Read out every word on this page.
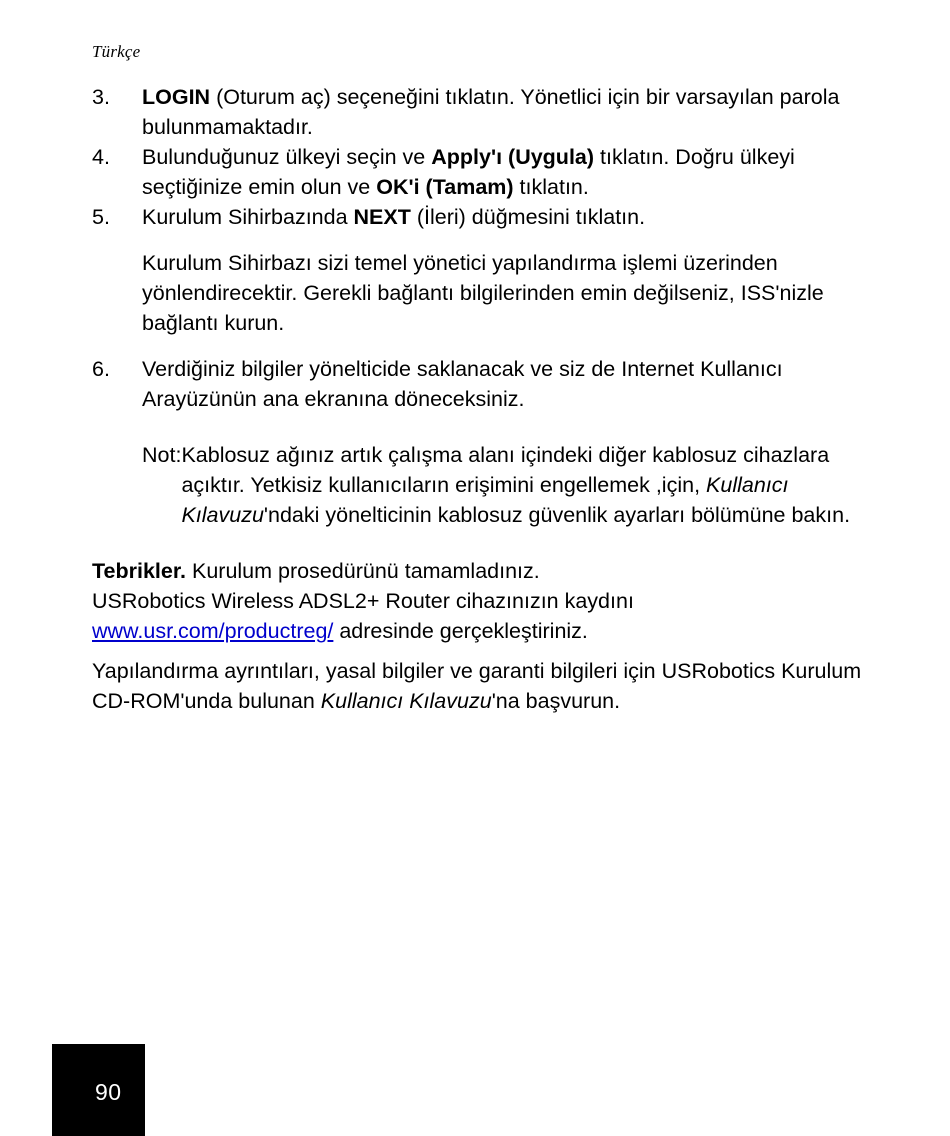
Türkçe
3.	LOGIN (Oturum aç) seçeneğini tıklatın. Yönetlici için bir varsayılan parola bulunmamaktadır.
4.	Bulunduğunuz ülkeyi seçin ve Apply'ı (Uygula) tıklatın. Doğru ülkeyi seçtiğinize emin olun ve OK'i (Tamam) tıklatın.
5.	Kurulum Sihirbazında NEXT (İleri) düğmesini tıklatın.

Kurulum Sihirbazı sizi temel yönetici yapılandırma işlemi üzerinden yönlendirecektir. Gerekli bağlantı bilgilerinden emin değilseniz, ISS'nizle bağlantı kurun.

6.	Verdiğiniz bilgiler yönelticide saklanacak ve siz de Internet Kullanıcı Arayüzünün ana ekranına döneceksiniz.
Not: Kablosuz ağınız artık çalışma alanı içindeki diğer kablosuz cihazlara açıktır. Yetkisiz kullanıcıların erişimini engellemek ,için, Kullanıcı Kılavuzu'ndaki yönelticinin kablosuz güvenlik ayarları bölümüne bakın.
Tebrikler. Kurulum prosedürünü tamamladınız.
USRobotics Wireless ADSL2+ Router cihazınızın kaydını
www.usr.com/productreg/ adresinde gerçekleştiriniz.
Yapılandırma ayrıntıları, yasal bilgiler ve garanti bilgileri için USRobotics Kurulum CD-ROM'unda bulunan Kullanıcı Kılavuzu'na başvurun.
90
